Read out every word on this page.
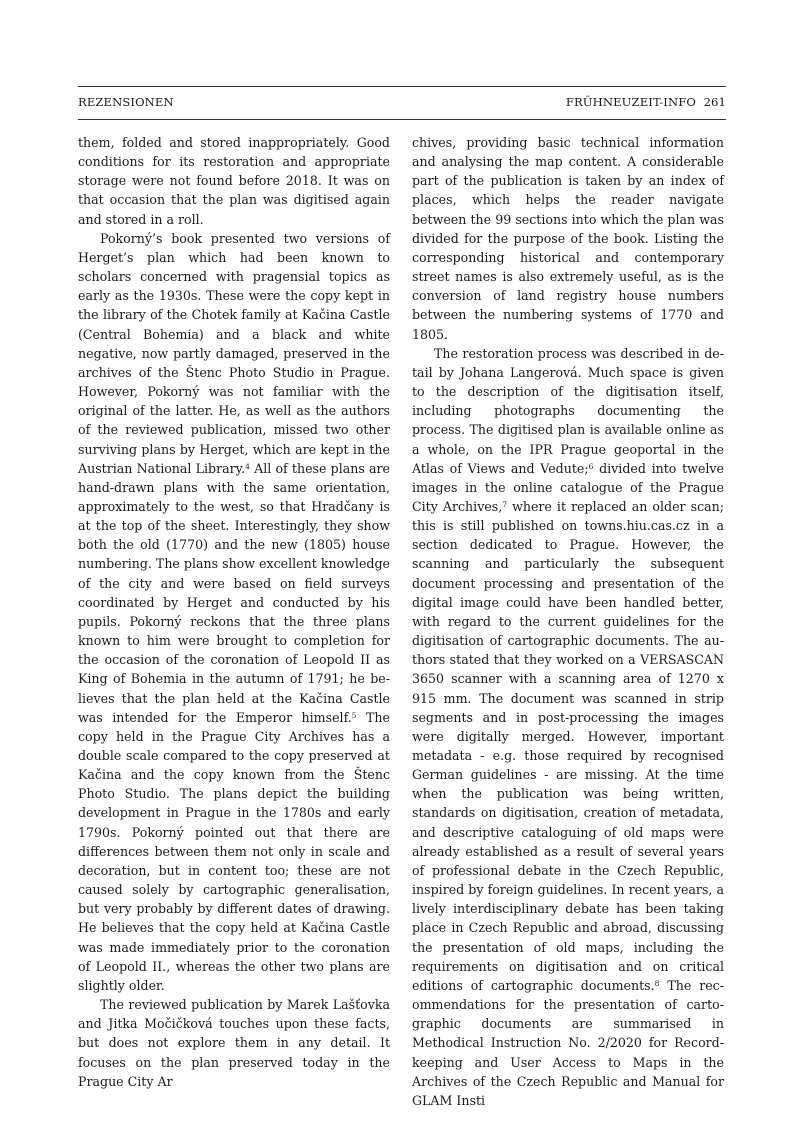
REZENSIONEN	FRÜHNEUZEIT-INFO 261

them, folded and stored inappropriately. Good conditions for its restoration and appropriate storage were not found before 2018. It was on that occasion that the plan was digitised again and stored in a roll.

Pokorný’s book presented two versions of Herget’s plan which had been known to scholars concerned with pragensial topics as early as the 1930s. These were the copy kept in the library of the Chotek family at Kačina Castle (Central Bohemia) and a black and white negative, now partly damaged, preserved in the archives of the Štenc Photo Studio in Prague. However, Pokorný was not familiar with the original of the latter. He, as well as the authors of the reviewed publication, missed two other surviving plans by Herget, which are kept in the Austrian National Library.$^4$ All of these plans are hand-drawn plans with the same orientation, approximately to the west, so that Hradčany is at the top of the sheet. Interestingly, they show both the old (1770) and the new (1805) house numbering. The plans show excellent knowledge of the city and were based on field surveys coordinated by Herget and conducted by his pupils. Pokorný reckons that the three plans known to him were brought to completion for the occasion of the coronation of Leopold II as King of Bohemia in the autumn of 1791; he believes that the plan held at the Kačina Castle was intended for the Emperor himself.$^5$ The copy held in the Prague City Archives has a double scale compared to the copy preserved at Kačina and the copy known from the Štenc Photo Studio. The plans depict the building development in Prague in the 1780s and early 1790s. Pokorný pointed out that there are differences between them not only in scale and decoration, but in content too; these are not caused solely by cartographic generalisation, but very probably by different dates of drawing. He believes that the copy held at Kačina Castle was made immediately prior to the coronation of Leopold II., whereas the other two plans are slightly older.

The reviewed publication by Marek Lašťovka and Jitka Močičková touches upon these facts, but does not explore them in any detail. It focuses on the plan preserved today in the Prague City Ar

chives, providing basic technical information and analysing the map content. A considerable part of the publication is taken by an index of places, which helps the reader navigate between the 99 sections into which the plan was divided for the purpose of the book. Listing the corresponding historical and contemporary street names is also extremely useful, as is the conversion of land registry house numbers between the numbering systems of 1770 and 1805.

The restoration process was described in detail by Johana Langerová. Much space is given to the description of the digitisation itself, including photographs documenting the process. The digitised plan is available online as a whole, on the IPR Prague geoportal in the Atlas of Views and Vedute;$^6$ divided into twelve images in the online catalogue of the Prague City Archives,$^7$ where it replaced an older scan; this is still published on towns.hiu.cas.cz in a section dedicated to Prague. However, the scanning and particularly the subsequent document processing and presentation of the digital image could have been handled better, with regard to the current guidelines for the digitisation of cartographic documents. The authors stated that they worked on a VERSASCAN 3650 scanner with a scanning area of 1270 x 915 mm. The document was scanned in strip segments and in post-processing the images were digitally merged. However, important metadata - e.g. those required by recognised German guidelines - are missing. At the time when the publication was being written, standards on digitisation, creation of metadata, and descriptive cataloguing of old maps were already established as a result of several years of professional debate in the Czech Republic, inspired by foreign guidelines. In recent years, a lively interdisciplinary debate has been taking place in Czech Republic and abroad, discussing the presentation of old maps, including the requirements on digitisation and on critical editions of cartographic documents.$^8$ The recommendations for the presentation of cartographic documents are summarised in Methodical Instruction No. 2/2020 for Recordkeeping and User Access to Maps in the Archives of the Czech Republic and Manual for GLAM Insti
